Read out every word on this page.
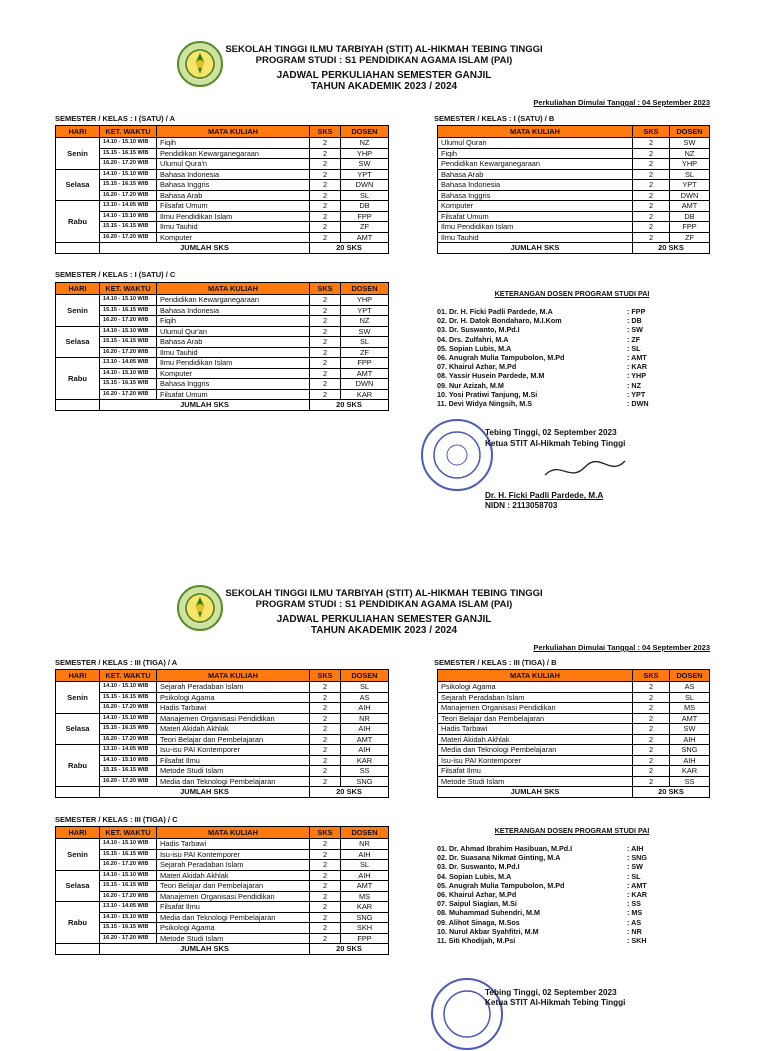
SEKOLAH TINGGI ILMU TARBIYAH (STIT) AL-HIKMAH TEBING TINGGI
PROGRAM STUDI : S1 PENDIDIKAN AGAMA ISLAM (PAI)
JADWAL PERKULIAHAN SEMESTER GANJIL
TAHUN AKADEMIK 2023 / 2024
Perkuliahan Dimulai Tanggal : 04 September 2023
SEMESTER / KELAS : I (SATU) / A
HARI	KET. WAKTU	MATA KULIAH	SKS	DOSEN
Senin	14.10 - 15.10 WIB	Fiqih	2	NZ
	15.15 - 16.15 WIB	Pendidikan Kewarganegaraan	2	YHP
	16.20 - 17.20 WIB	Ulumul Qura'n	2	SW
Selasa	14.10 - 15.10 WIB	Bahasa Indonesia	2	YPT
	15.15 - 16.15 WIB	Bahasa Inggris	2	DWN
	16.20 - 17.20 WIB	Bahasa Arab	2	SL
Rabu	13.10 - 14.05 WIB	Filsafat Umum	2	DB
	14.10 - 15.10 WIB	Ilmu Pendidikan Islam	2	FPP
	15.15 - 16.15 WIB	Ilmu Tauhid	2	ZF
	16.20 - 17.20 WIB	Komputer	2	AMT
	JUMLAH SKS		20 SKS	
SEMESTER / KELAS : I (SATU) / B
MATA KULIAH	SKS	DOSEN
Ulumul Quran	2	SW
Fiqih	2	NZ
Pendidikan Kewarganegaraan	2	YHP
Bahasa Arab	2	SL
Bahasa Indonesia	2	YPT
Bahasa Inggris	2	DWN
Komputer	2	AMT
Filsafat Umum	2	DB
Ilmu Pendidikan Islam	2	FPP
Ilmu Tauhid	2	ZF
JUMLAH SKS	20 SKS	
SEMESTER / KELAS : I (SATU) / C
HARI	KET. WAKTU	MATA KULIAH	SKS	DOSEN
Senin	14.10 - 15.10 WIB	Pendidikan Kewarganegaraan	2	YHP
	15.15 - 16.15 WIB	Bahasa Indonesia	2	YPT
	16.20 - 17.20 WIB	Fiqih	2	NZ
Selasa	14.10 - 15.10 WIB	Ulumul Qur'an	2	SW
	15.15 - 16.15 WIB	Bahasa Arab	2	SL
	16.20 - 17.20 WIB	Ilmu Tauhid	2	ZF
Rabu	13.10 - 14.05 WIB	Ilmu Pendidikan Islam	2	FPP
	14.10 - 15.10 WIB	Komputer	2	AMT
	15.15 - 16.15 WIB	Bahasa Inggris	2	DWN
	16.20 - 17.20 WIB	Filsafat Umum	2	KAR
	JUMLAH SKS		20 SKS	
KETERANGAN DOSEN PROGRAM STUDI PAI
01. Dr. H. Ficki Padli Pardede, M.A	: FPP
02. Dr. H. Datok Bondaharo, M.I.Kom	: DB
03. Dr. Suswanto, M.Pd.I	: SW
04. Drs. Zulfahri, M.A	: ZF
05. Sopian Lubis, M.A	: SL
06. Anugrah Mulia Tampubolon, M.Pd	: AMT
07. Khairul Azhar, M.Pd	: KAR
08. Yassir Husein Pardede, M.M	: YHP
09. Nur Azizah, M.M	: NZ
10. Yosi Pratiwi Tanjung, M.Si	: YPT
11. Devi Widya Ningsih, M.S	: DWN
Tebing Tinggi, 02 September 2023
Ketua STIT Al-Hikmah Tebing Tinggi
Dr. H. Ficki Padli Pardede, M.A
NIDN : 2113058703
SEKOLAH TINGGI ILMU TARBIYAH (STIT) AL-HIKMAH TEBING TINGGI
PROGRAM STUDI : S1 PENDIDIKAN AGAMA ISLAM (PAI)
JADWAL PERKULIAHAN SEMESTER GANJIL
TAHUN AKADEMIK 2023 / 2024
Perkuliahan Dimulai Tanggal : 04 September 2023
SEMESTER / KELAS : III (TIGA) / A
HARI	KET. WAKTU	MATA KULIAH	SKS	DOSEN
Senin	14.10 - 15.10 WIB	Sejarah Peradaban Islam	2	SL
	15.15 - 16.15 WIB	Psikologi Agama	2	AS
	16.20 - 17.20 WIB	Hadis Tarbawi	2	AIH
Selasa	14.10 - 15.10 WIB	Manajemen Organisasi Pendidikan	2	NR
	15.15 - 16.15 WIB	Materi Akidah Akhlak	2	AIH
	16.20 - 17.20 WIB	Teori Belajar dan Pembelajaran	2	AMT
Rabu	13.10 - 14.05 WIB	Isu-isu PAI Kontemporer	2	AIH
	14.10 - 15.10 WIB	Filsafat Ilmu	2	KAR
	15.15 - 16.15 WIB	Metode Studi Islam	2	SS
	16.20 - 17.20 WIB	Media dan Teknologi Pembelajaran	2	SNG
	JUMLAH SKS		20 SKS	
SEMESTER / KELAS : III (TIGA) / B
MATA KULIAH	SKS	DOSEN
Psikologi Agama	2	AS
Sejarah Peradaban Islam	2	SL
Manajemen Organisasi Pendidikan	2	MS
Teori Belajar dan Pembelajaran	2	AMT
Hadis Tarbawi	2	SW
Materi Akidah Akhlak	2	AIH
Media dan Teknologi Pembelajaran	2	SNG
Isu-isu PAI Kontemporer	2	AIH
Filsafat Ilmu	2	KAR
Metode Studi Islam	2	SS
JUMLAH SKS	20 SKS	
SEMESTER / KELAS : III (TIGA) / C
HARI	KET. WAKTU	MATA KULIAH	SKS	DOSEN
Senin	14.10 - 15.10 WIB	Hadis Tarbawi	2	NR
	15.15 - 16.15 WIB	Isu-isu PAI Kontemporer	2	AIH
	16.20 - 17.20 WIB	Sejarah Peradaban Islam	2	SL
Selasa	14.10 - 15.10 WIB	Materi Akidah Akhlak	2	AIH
	15.15 - 16.15 WIB	Teori Belajar dan Pembelajaran	2	AMT
	16.20 - 17.20 WIB	Manajemen Organisasi Pendidikan	2	MS
Rabu	13.10 - 14.05 WIB	Filsafat Ilmu	2	KAR
	14.10 - 15.10 WIB	Media dan Teknologi Pembelajaran	2	SNG
	15.15 - 16.15 WIB	Psikologi Agama	2	SKH
	16.20 - 17.20 WIB	Metode Studi Islam	2	FPP
	JUMLAH SKS		20 SKS	
KETERANGAN DOSEN PROGRAM STUDI PAI
01. Dr. Ahmad Ibrahim Hasibuan, M.Pd.I	: AIH
02. Dr. Suasana Nikmat Ginting, M.A	: SNG
03. Dr. Suswanto, M.Pd.I	: SW
04. Sopian Lubis, M.A	: SL
05. Anugrah Mulia Tampubolon, M.Pd	: AMT
06. Khairul Azhar, M.Pd	: KAR
07. Saipul Siagian, M.Si	: SS
08. Muhammad Suhendri, M.M	: MS
09. Alihot Sinaga, M.Sos	: AS
10. Nurul Akbar Syahfitri, M.M	: NR
11. Siti Khodijah, M.Psi	: SKH
Tebing Tinggi, 02 September 2023
Ketua STIT Al-Hikmah Tebing Tinggi
